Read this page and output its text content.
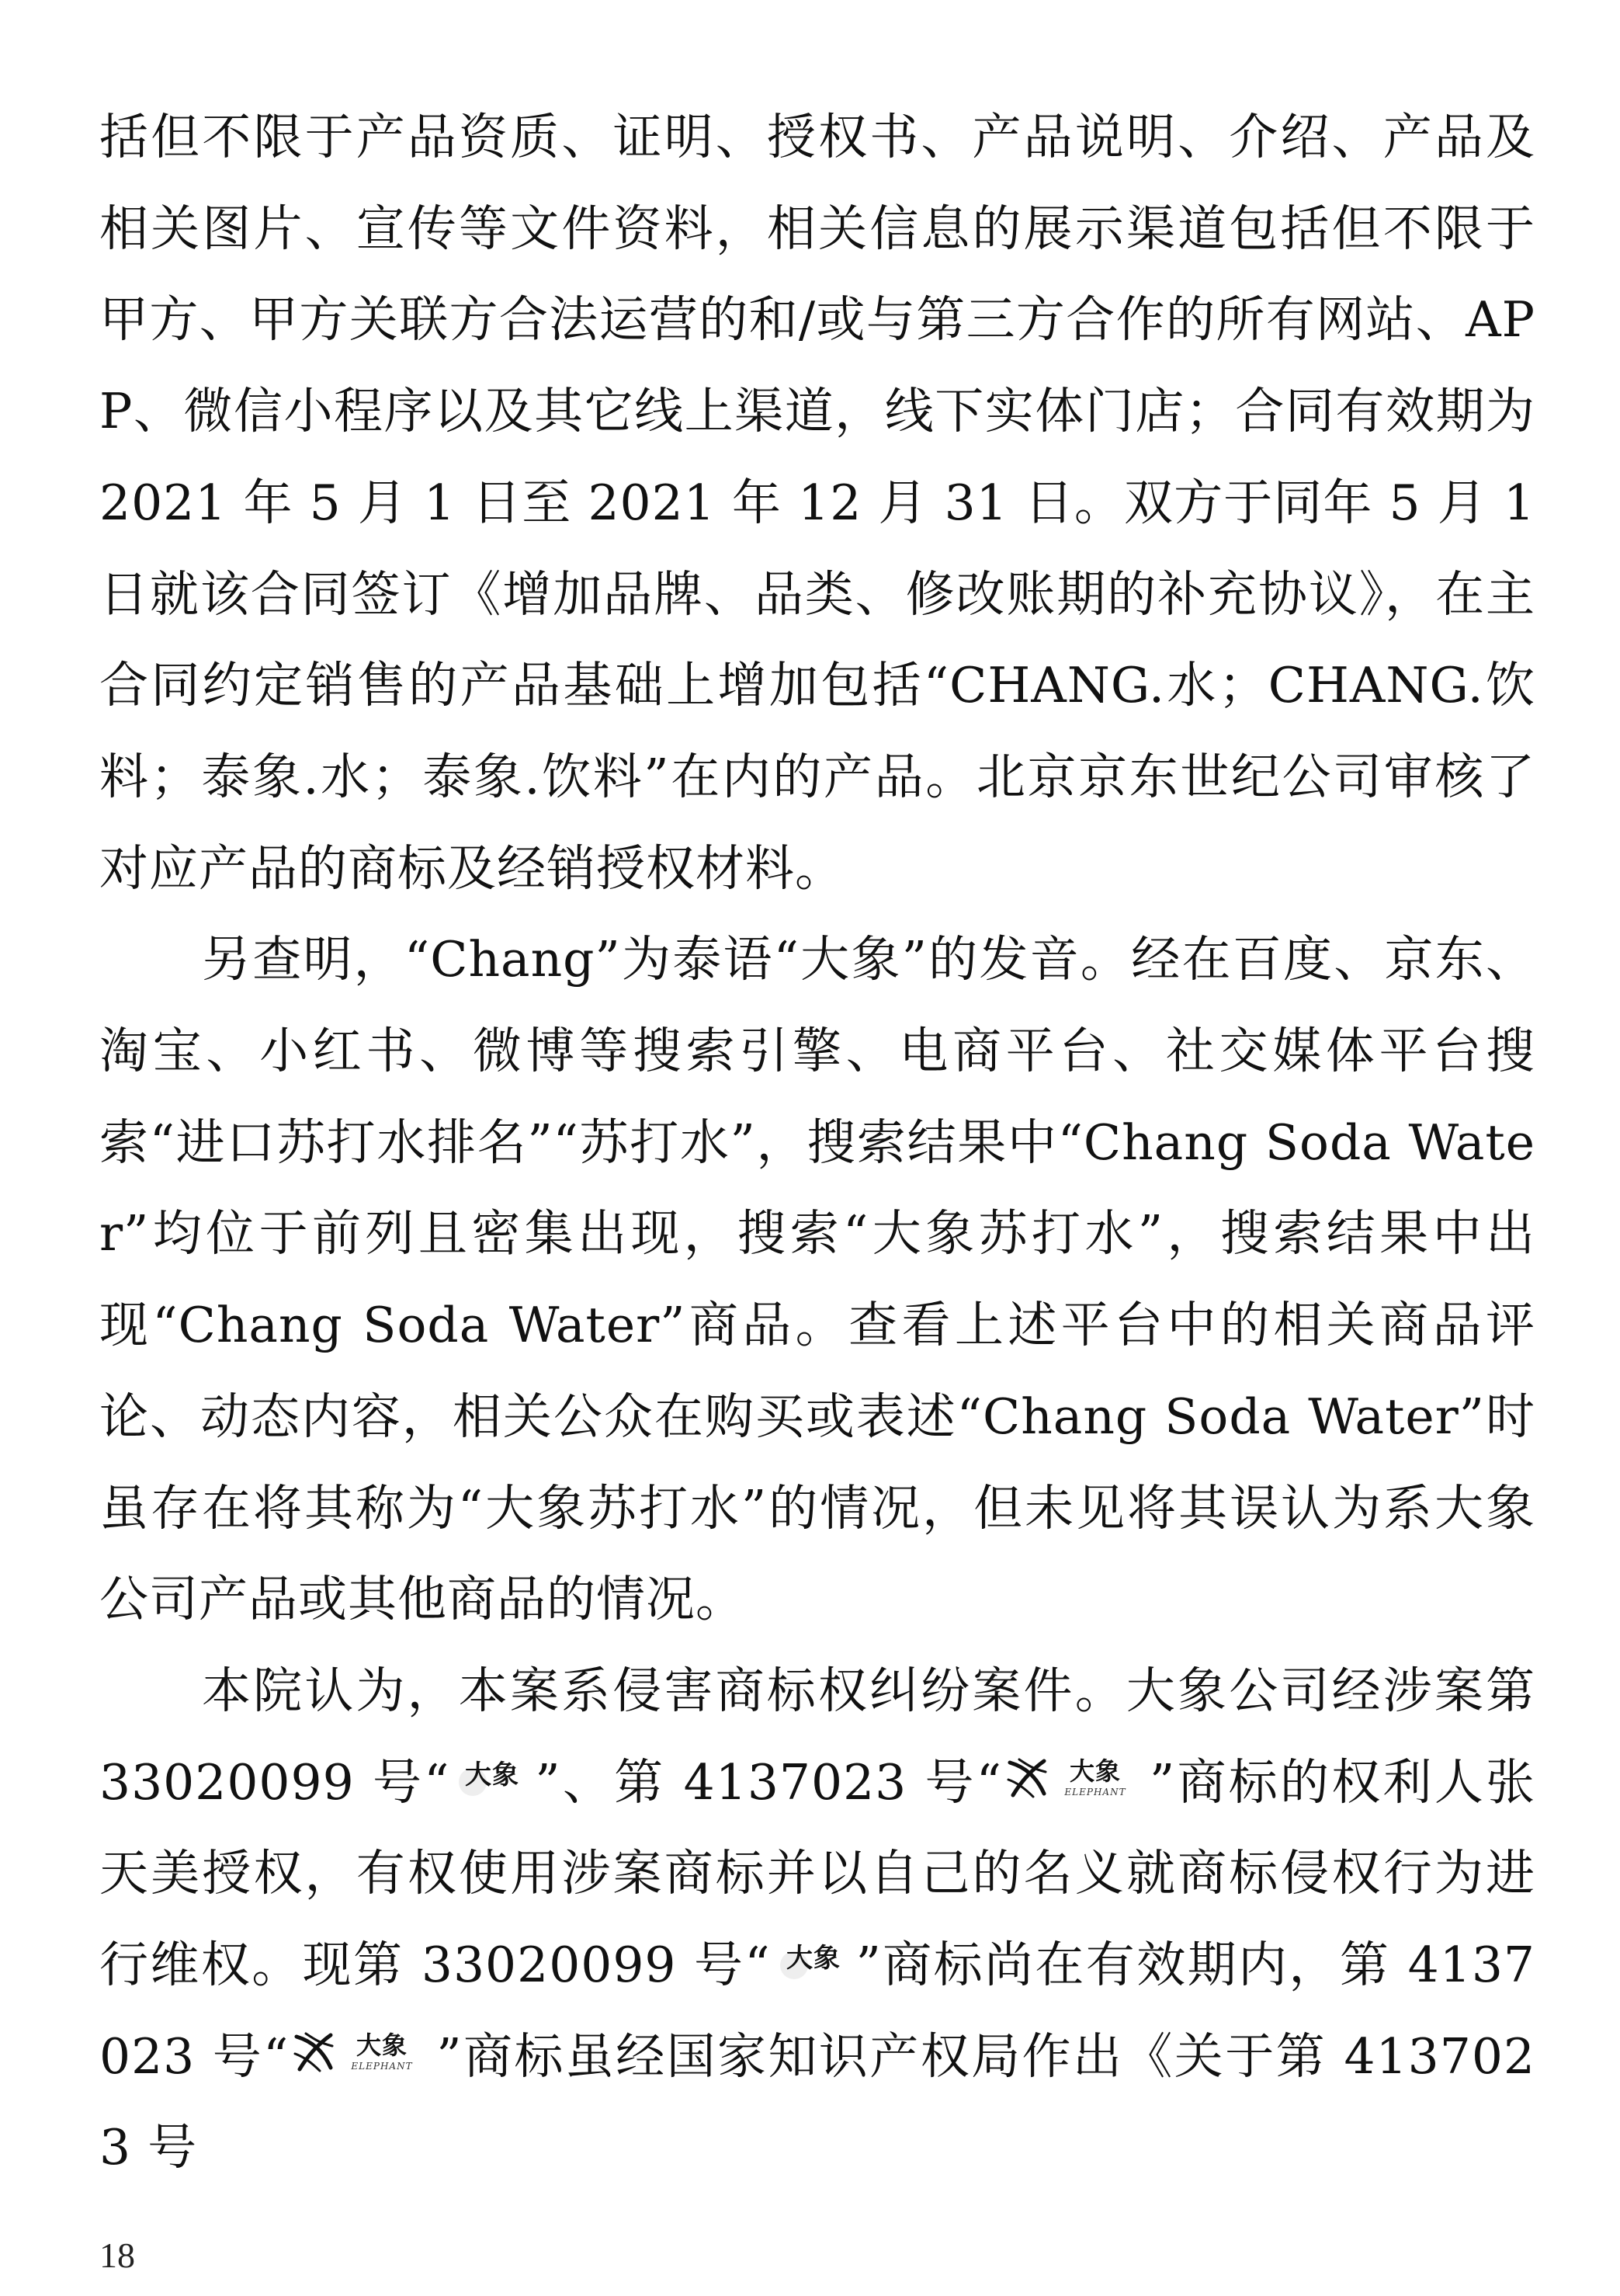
括但不限于产品资质、证明、授权书、产品说明、介绍、产品及相关图片、宣传等文件资料，相关信息的展示渠道包括但不限于甲方、甲方关联方合法运营的和/或与第三方合作的所有网站、APP、微信小程序以及其它线上渠道，线下实体门店；合同有效期为 2021 年 5 月 1 日至 2021 年 12 月 31 日。双方于同年 5 月 1 日就该合同签订《增加品牌、品类、修改账期的补充协议》，在主合同约定销售的产品基础上增加包括“CHANG.水；CHANG.饮料；泰象.水；泰象.饮料”在内的产品。北京京东世纪公司审核了对应产品的商标及经销授权材料。

另查明，“Chang”为泰语“大象”的发音。经在百度、京东、淘宝、小红书、微博等搜索引擎、电商平台、社交媒体平台搜索“进口苏打水排名”“苏打水”，搜索结果中“Chang Soda Water”均位于前列且密集出现，搜索“大象苏打水”，搜索结果中出现“Chang Soda Water”商品。查看上述平台中的相关商品评论、动态内容，相关公众在购买或表述“Chang Soda Water”时虽存在将其称为“大象苏打水”的情况，但未见将其误认为系大象公司产品或其他商品的情况。

本院认为，本案系侵害商标权纠纷案件。大象公司经涉案第 33020099 号“ 大象 ”、第 4137023 号“	大象
ELEPHANT ”商标的权利人张天美授权，有权使用涉案商标并以自己的名义就商标侵权行为进行维权。现第 33020099 号“ 大象 ”商标尚在有效期内，第 4137023 号“	大象
ELEPHANT ”商标虽经国家知识产权局作出《关于第 4137023 号

18
